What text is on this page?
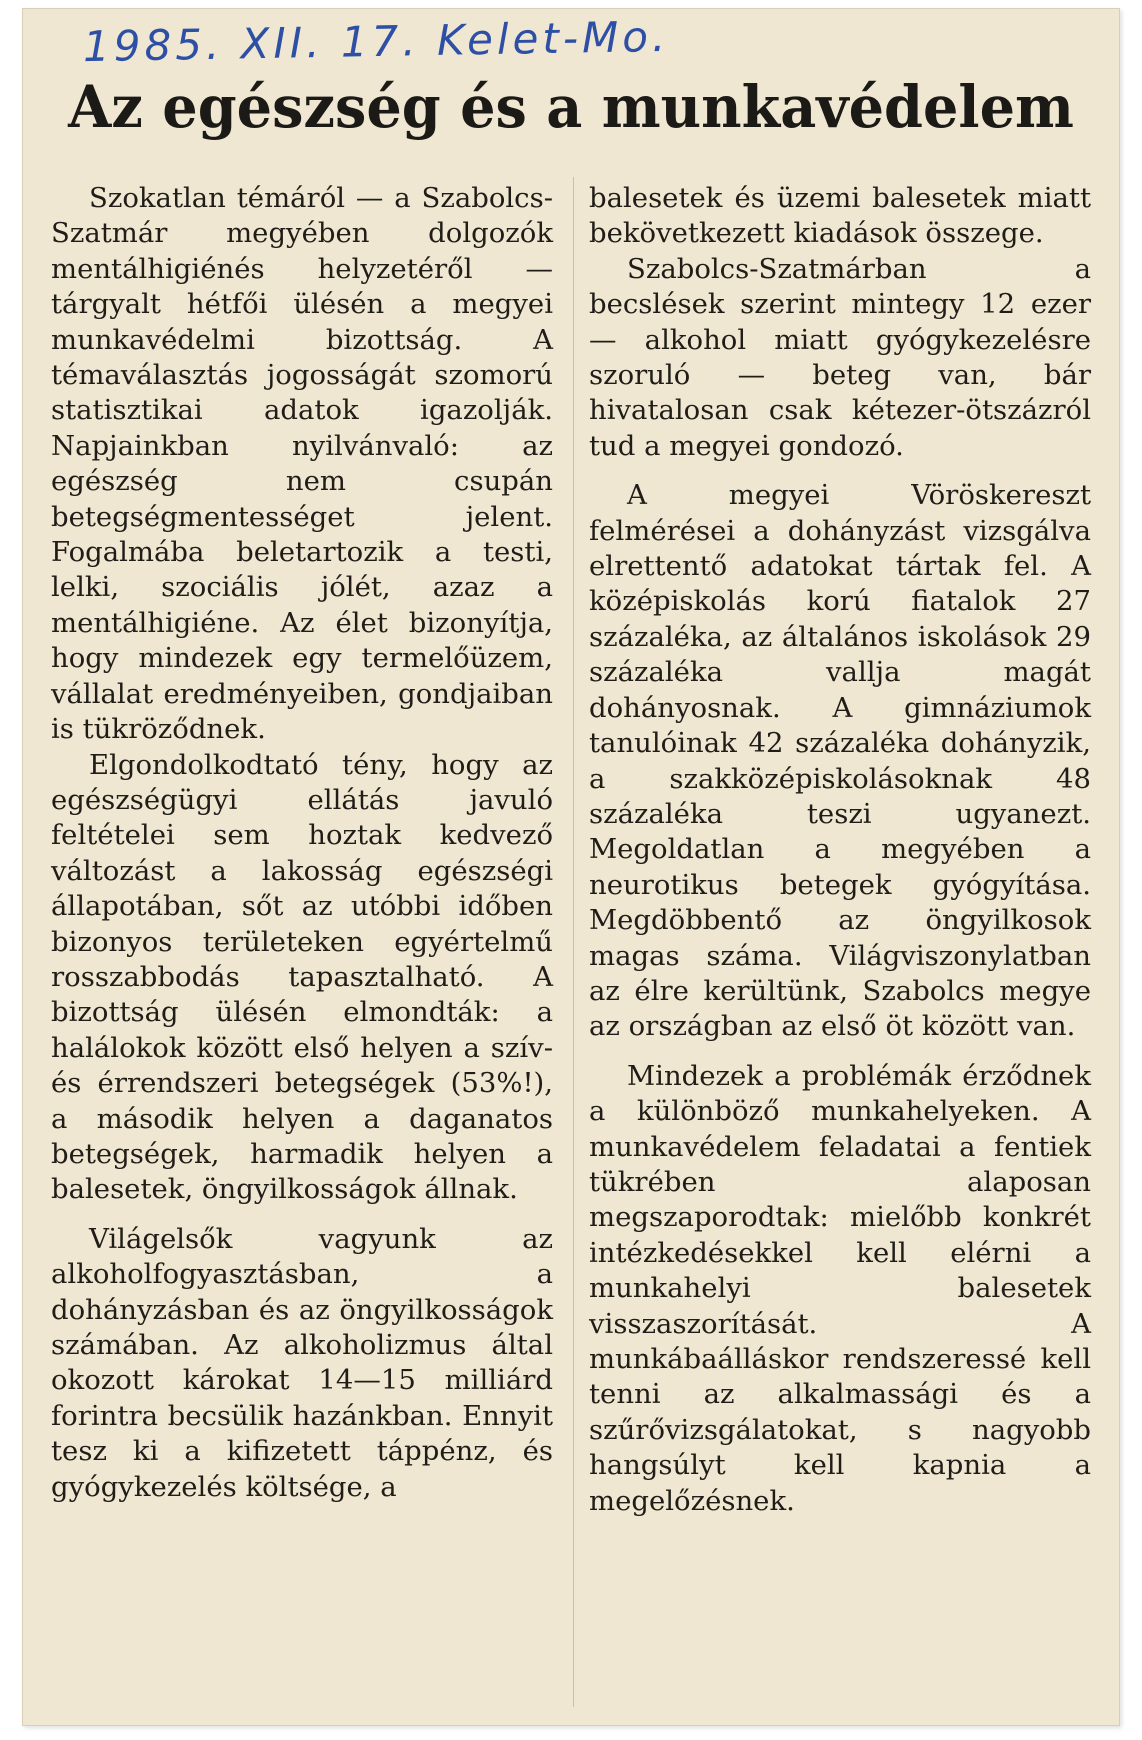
1985. XII. 17. Kelet-Mo.
Az egészség és a munkavédelem

Szokatlan témáról — a Szabolcs-Szatmár megyében dolgozók mentálhigiénés helyzetéről — tárgyalt hétfői ülésén a megyei munkavédelmi bizottság. A témaválasztás jogosságát szomorú statisztikai adatok igazolják. Napjainkban nyilvánvaló: az egészség nem csupán betegségmentességet jelent. Fogalmába beletartozik a testi, lelki, szociális jólét, azaz a mentálhigiéne. Az élet bizonyítja, hogy mindezek egy termelőüzem, vállalat eredményeiben, gondjaiban is tükröződnek.

Elgondolkodtató tény, hogy az egészségügyi ellátás javuló feltételei sem hoztak kedvező változást a lakosság egészségi állapotában, sőt az utóbbi időben bizonyos területeken egyértelmű rosszabbodás tapasztalható. A bizottság ülésén elmondták: a halálokok között első helyen a szív- és érrendszeri betegségek (53%!), a második helyen a daganatos betegségek, harmadik helyen a balesetek, öngyilkosságok állnak.

Világelsők vagyunk az alkoholfogyasztásban, a dohányzásban és az öngyilkosságok számában. Az alkoholizmus által okozott károkat 14—15 milliárd forintra becsülik hazánkban. Ennyit tesz ki a kifizetett táppénz, és gyógykezelés költsége, a

balesetek és üzemi balesetek miatt bekövetkezett kiadások összege.

Szabolcs-Szatmárban a becslések szerint mintegy 12 ezer — alkohol miatt gyógykezelésre szoruló — beteg van, bár hivatalosan csak kétezer-ötszázról tud a megyei gondozó.

A megyei Vöröskereszt felmérései a dohányzást vizsgálva elrettentő adatokat tártak fel. A középiskolás korú fiatalok 27 százaléka, az általános iskolások 29 százaléka vallja magát dohányosnak. A gimnáziumok tanulóinak 42 százaléka dohányzik, a szakközépiskolásoknak 48 százaléka teszi ugyanezt. Megoldatlan a megyében a neurotikus betegek gyógyítása. Megdöbbentő az öngyilkosok magas száma. Világviszonylatban az élre kerültünk, Szabolcs megye az országban az első öt között van.

Mindezek a problémák érződnek a különböző munkahelyeken. A munkavédelem feladatai a fentiek tükrében alaposan megszaporodtak: mielőbb konkrét intézkedésekkel kell elérni a munkahelyi balesetek visszaszorítását. A munkábaálláskor rendszeressé kell tenni az alkalmassági és a szűrővizsgálatokat, s nagyobb hangsúlyt kell kapnia a megelőzésnek.
